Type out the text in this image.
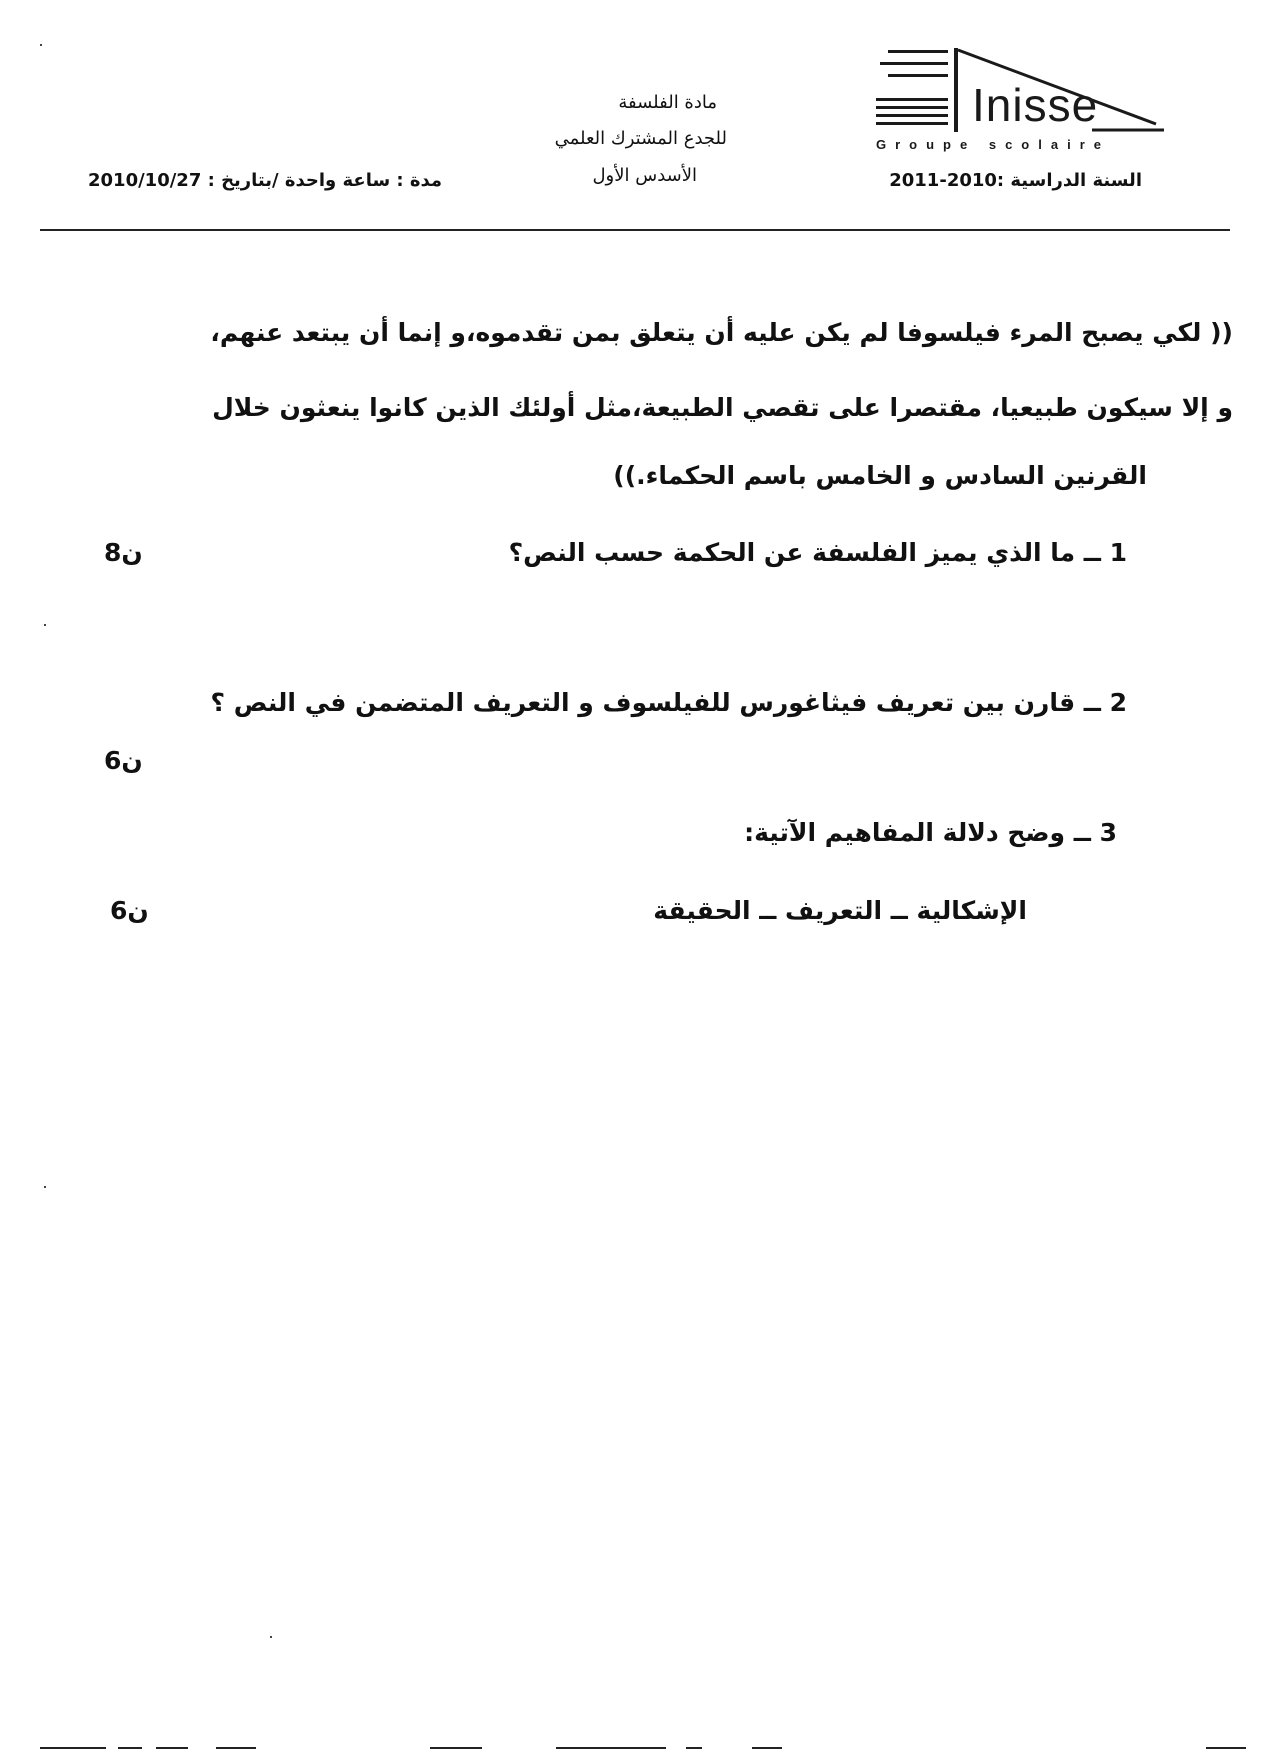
Inisse
Groupe scolaire
مادة الفلسفة
للجدع المشترك العلمي
الأسدس الأول
مدة : ساعة واحدة /بتاريخ : 2010/10/27	السنة الدراسية :2010-2011
(( لكي يصبح المرء فيلسوفا لم يكن عليه أن يتعلق بمن تقدموه،و إنما أن يبتعد عنهم،
و إلا سيكون طبيعيا، مقتصرا على تقصي الطبيعة،مثل أولئك الذين كانوا ينعثون خلال
القرنين السادس و الخامس باسم الحكماء.))
1 ــ ما الذي يميز الفلسفة عن الحكمة حسب النص؟
8ن
2 ــ قارن بين تعريف فيثاغورس للفيلسوف و التعريف المتضمن في النص ؟
6ن
3 ــ وضح دلالة المفاهيم الآتية:
الإشكالية ــ التعريف ــ الحقيقة
6ن
